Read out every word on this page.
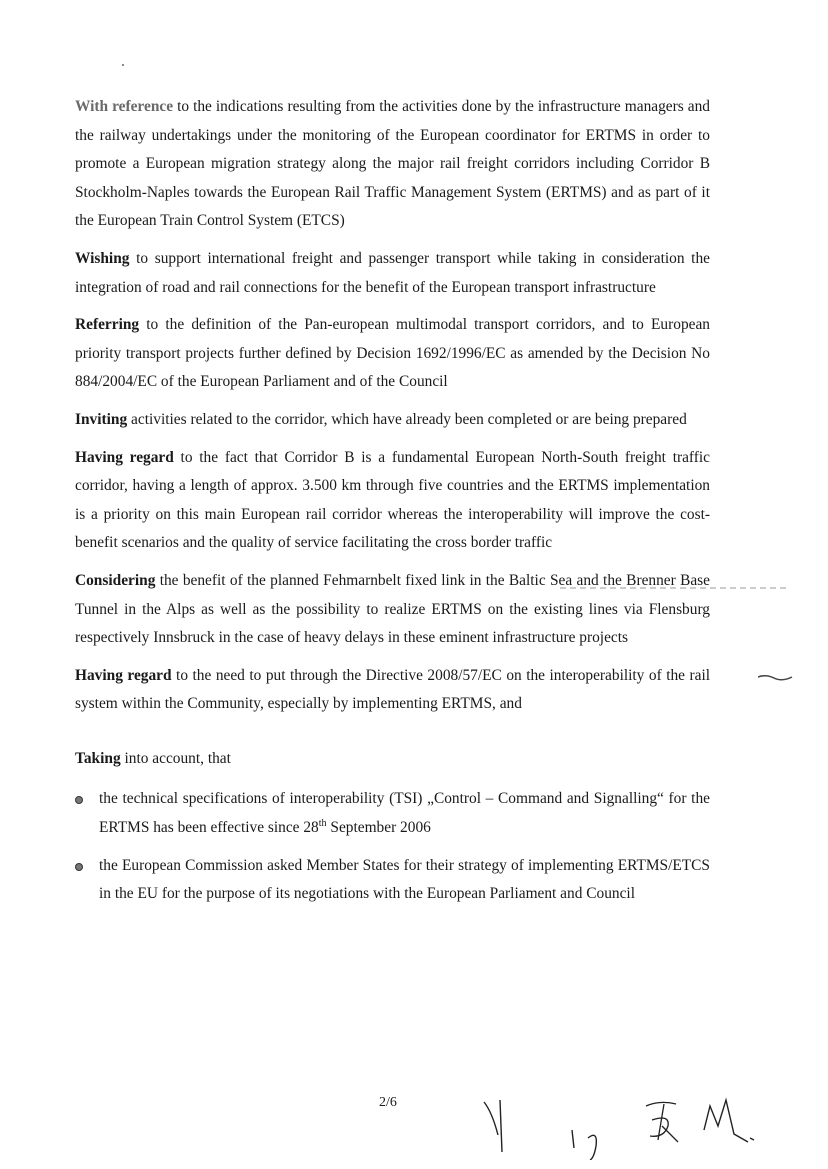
With reference to the indications resulting from the activities done by the infrastructure managers and the railway undertakings under the monitoring of the European coordinator for ERTMS in order to promote a European migration strategy along the major rail freight corridors including Corridor B Stockholm-Naples towards the European Rail Traffic Management System (ERTMS) and as part of it the European Train Control System (ETCS)

Wishing to support international freight and passenger transport while taking in consideration the integration of road and rail connections for the benefit of the European transport infrastructure

Referring to the definition of the Pan-european multimodal transport corridors, and to European priority transport projects further defined by Decision 1692/1996/EC as amended by the Decision No 884/2004/EC of the European Parliament and of the Council

Inviting activities related to the corridor, which have already been completed or are being prepared

Having regard to the fact that Corridor B is a fundamental European North-South freight traffic corridor, having a length of approx. 3.500 km through five countries and the ERTMS implementation is a priority on this main European rail corridor whereas the interoperability will improve the cost-benefit scenarios and the quality of service facilitating the cross border traffic

Considering the benefit of the planned Fehmarnbelt fixed link in the Baltic Sea and the Brenner Base Tunnel in the Alps as well as the possibility to realize ERTMS on the existing lines via Flensburg respectively Innsbruck in the case of heavy delays in these eminent infrastructure projects

Having regard to the need to put through the Directive 2008/57/EC on the interoperability of the rail system within the Community, especially by implementing ERTMS, and

Taking into account, that

the technical specifications of interoperability (TSI) „Control – Command and Signalling“ for the ERTMS has been effective since 28th September 2006
the European Commission asked Member States for their strategy of implementing ERTMS/ETCS in the EU for the purpose of its negotiations with the European Parliament and Council
2/6
